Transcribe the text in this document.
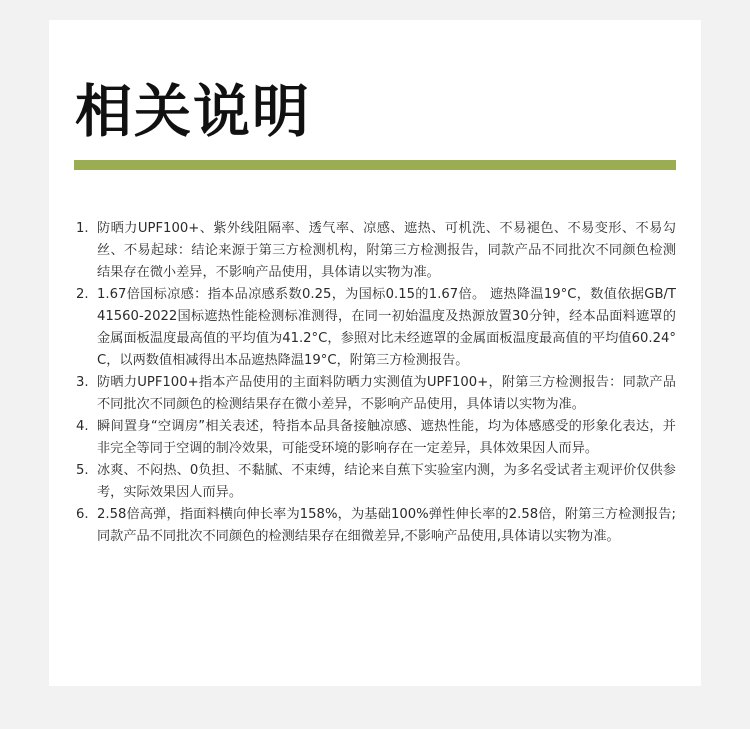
相关说明
1. 防晒力UPF100+、紫外线阻隔率、透气率、凉感、遮热、可机洗、不易褪色、不易变形、不易勾丝、不易起球：结论来源于第三方检测机构，附第三方检测报告，同款产品不同批次不同颜色检测结果存在微小差异，不影响产品使用，具体请以实物为准。
2. 1.67倍国标凉感：指本品凉感系数0.25，为国标0.15的1.67倍。 遮热降温19°C，数值依据GB/T 41560-2022国标遮热性能检测标准测得，在同一初始温度及热源放置30分钟，经本品面料遮罩的金属面板温度最高值的平均值为41.2°C，参照对比未经遮罩的金属面板温度最高值的平均值60.24°C，以两数值相减得出本品遮热降温19°C，附第三方检测报告。
3. 防晒力UPF100+指本产品使用的主面料防晒力实测值为UPF100+，附第三方检测报告：同款产品不同批次不同颜色的检测结果存在微小差异，不影响产品使用，具体请以实物为准。
4. 瞬间置身“空调房”相关表述，特指本品具备接触凉感、遮热性能，均为体感感受的形象化表达，并非完全等同于空调的制冷效果，可能受环境的影响存在一定差异，具体效果因人而异。
5. 冰爽、不闷热、0负担、不黏腻、不束缚，结论来自蕉下实验室内测，为多名受试者主观评价仅供参考，实际效果因人而异。
6. 2.58倍高弹，指面料横向伸长率为158%，为基础100%弹性伸长率的2.58倍，附第三方检测报告;同款产品不同批次不同颜色的检测结果存在细微差异,不影响产品使用,具体请以实物为准。
